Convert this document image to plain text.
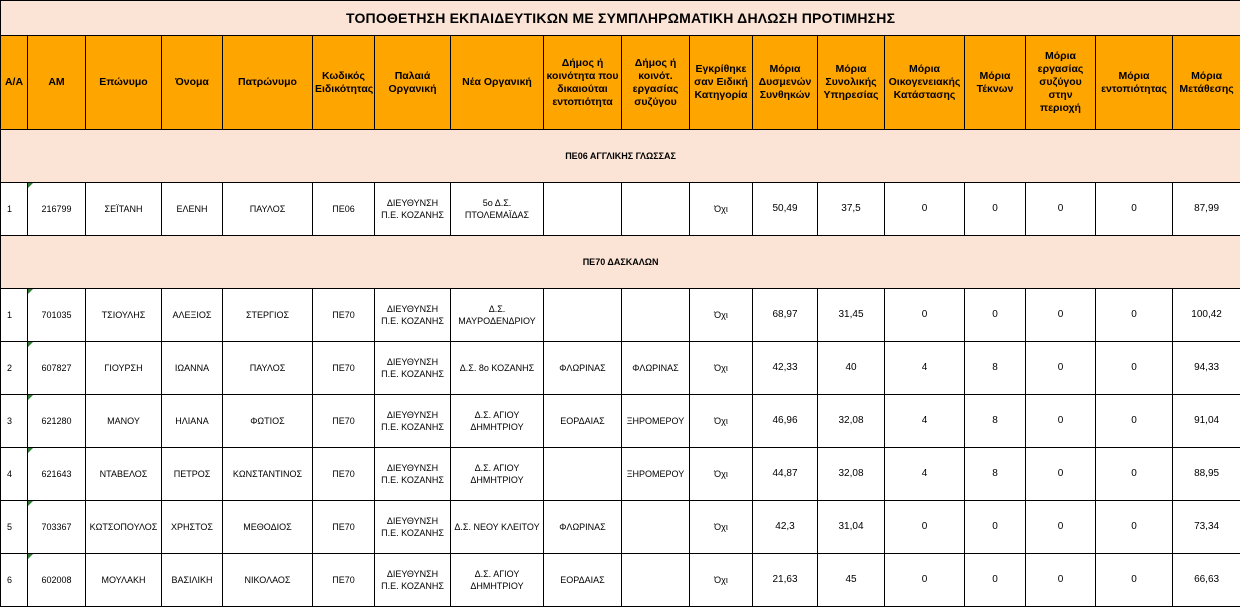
ΤΟΠΟΘΕΤΗΣΗ ΕΚΠΑΙΔΕΥΤΙΚΩΝ ΜΕ ΣΥΜΠΛΗΡΩΜΑΤΙΚΗ ΔΗΛΩΣΗ ΠΡΟΤΙΜΗΣΗΣ																	
Α/Α	ΑΜ	Επώνυμο	Όνομα	Πατρώνυμο	Κωδικός Ειδικότητας	Παλαιά Οργανική	Νέα Οργανική	Δήμος ή κοινότητα που δικαιούται εντοπιότητα	Δήμος ή κοινότ. εργασίας συζύγου	Εγκρίθηκε σαν Ειδική Κατηγορία	Μόρια Δυσμενών Συνθηκών	Μόρια Συνολικής Υπηρεσίας	Μόρια Οικογενειακής Κατάστασης	Μόρια Τέκνων	Μόρια εργασίας συζύγου στην περιοχή	Μόρια εντοπιότητας	Μόρια Μετάθεσης
ΠΕ06 ΑΓΓΛΙΚΗΣ ΓΛΩΣΣΑΣ																	
1	216799	ΣΕΪΤΑΝΗ	ΕΛΕΝΗ	ΠΑΥΛΟΣ	ΠΕ06	ΔΙΕΥΘΥΝΣΗ Π.Ε. ΚΟΖΑΝΗΣ	5ο Δ.Σ. ΠΤΟΛΕΜΑΪΔΑΣ			Όχι	50,49	37,5	0	0	0	0	87,99
ΠΕ70 ΔΑΣΚΑΛΩΝ																	
1	701035	ΤΣΙΟΥΛΗΣ	ΑΛΕΞΙΟΣ	ΣΤΕΡΓΙΟΣ	ΠΕ70	ΔΙΕΥΘΥΝΣΗ Π.Ε. ΚΟΖΑΝΗΣ	Δ.Σ. ΜΑΥΡΟΔΕΝΔΡΙΟΥ			Όχι	68,97	31,45	0	0	0	0	100,42
2	607827	ΓΙΟΥΡΣΗ	ΙΩΑΝΝΑ	ΠΑΥΛΟΣ	ΠΕ70	ΔΙΕΥΘΥΝΣΗ Π.Ε. ΚΟΖΑΝΗΣ	Δ.Σ. 8ο ΚΟΖΑΝΗΣ	ΦΛΩΡΙΝΑΣ	ΦΛΩΡΙΝΑΣ	Όχι	42,33	40	4	8	0	0	94,33
3	621280	ΜΑΝΟΥ	ΗΛΙΑΝΑ	ΦΩΤΙΟΣ	ΠΕ70	ΔΙΕΥΘΥΝΣΗ Π.Ε. ΚΟΖΑΝΗΣ	Δ.Σ. ΑΓΙΟΥ ΔΗΜΗΤΡΙΟΥ	ΕΟΡΔΑΙΑΣ	ΞΗΡΟΜΕΡΟΥ	Όχι	46,96	32,08	4	8	0	0	91,04
4	621643	ΝΤΑΒΕΛΟΣ	ΠΕΤΡΟΣ	ΚΩΝΣΤΑΝΤΙΝΟΣ	ΠΕ70	ΔΙΕΥΘΥΝΣΗ Π.Ε. ΚΟΖΑΝΗΣ	Δ.Σ. ΑΓΙΟΥ ΔΗΜΗΤΡΙΟΥ		ΞΗΡΟΜΕΡΟΥ	Όχι	44,87	32,08	4	8	0	0	88,95
5	703367	ΚΩΤΣΟΠΟΥΛΟΣ	ΧΡΗΣΤΟΣ	ΜΕΘΟΔΙΟΣ	ΠΕ70	ΔΙΕΥΘΥΝΣΗ Π.Ε. ΚΟΖΑΝΗΣ	Δ.Σ. ΝΕΟΥ ΚΛΕΙΤΟΥ	ΦΛΩΡΙΝΑΣ		Όχι	42,3	31,04	0	0	0	0	73,34
6	602008	ΜΟΥΛΑΚΗ	ΒΑΣΙΛΙΚΗ	ΝΙΚΟΛΑΟΣ	ΠΕ70	ΔΙΕΥΘΥΝΣΗ Π.Ε. ΚΟΖΑΝΗΣ	Δ.Σ. ΑΓΙΟΥ ΔΗΜΗΤΡΙΟΥ	ΕΟΡΔΑΙΑΣ		Όχι	21,63	45	0	0	0	0	66,63
